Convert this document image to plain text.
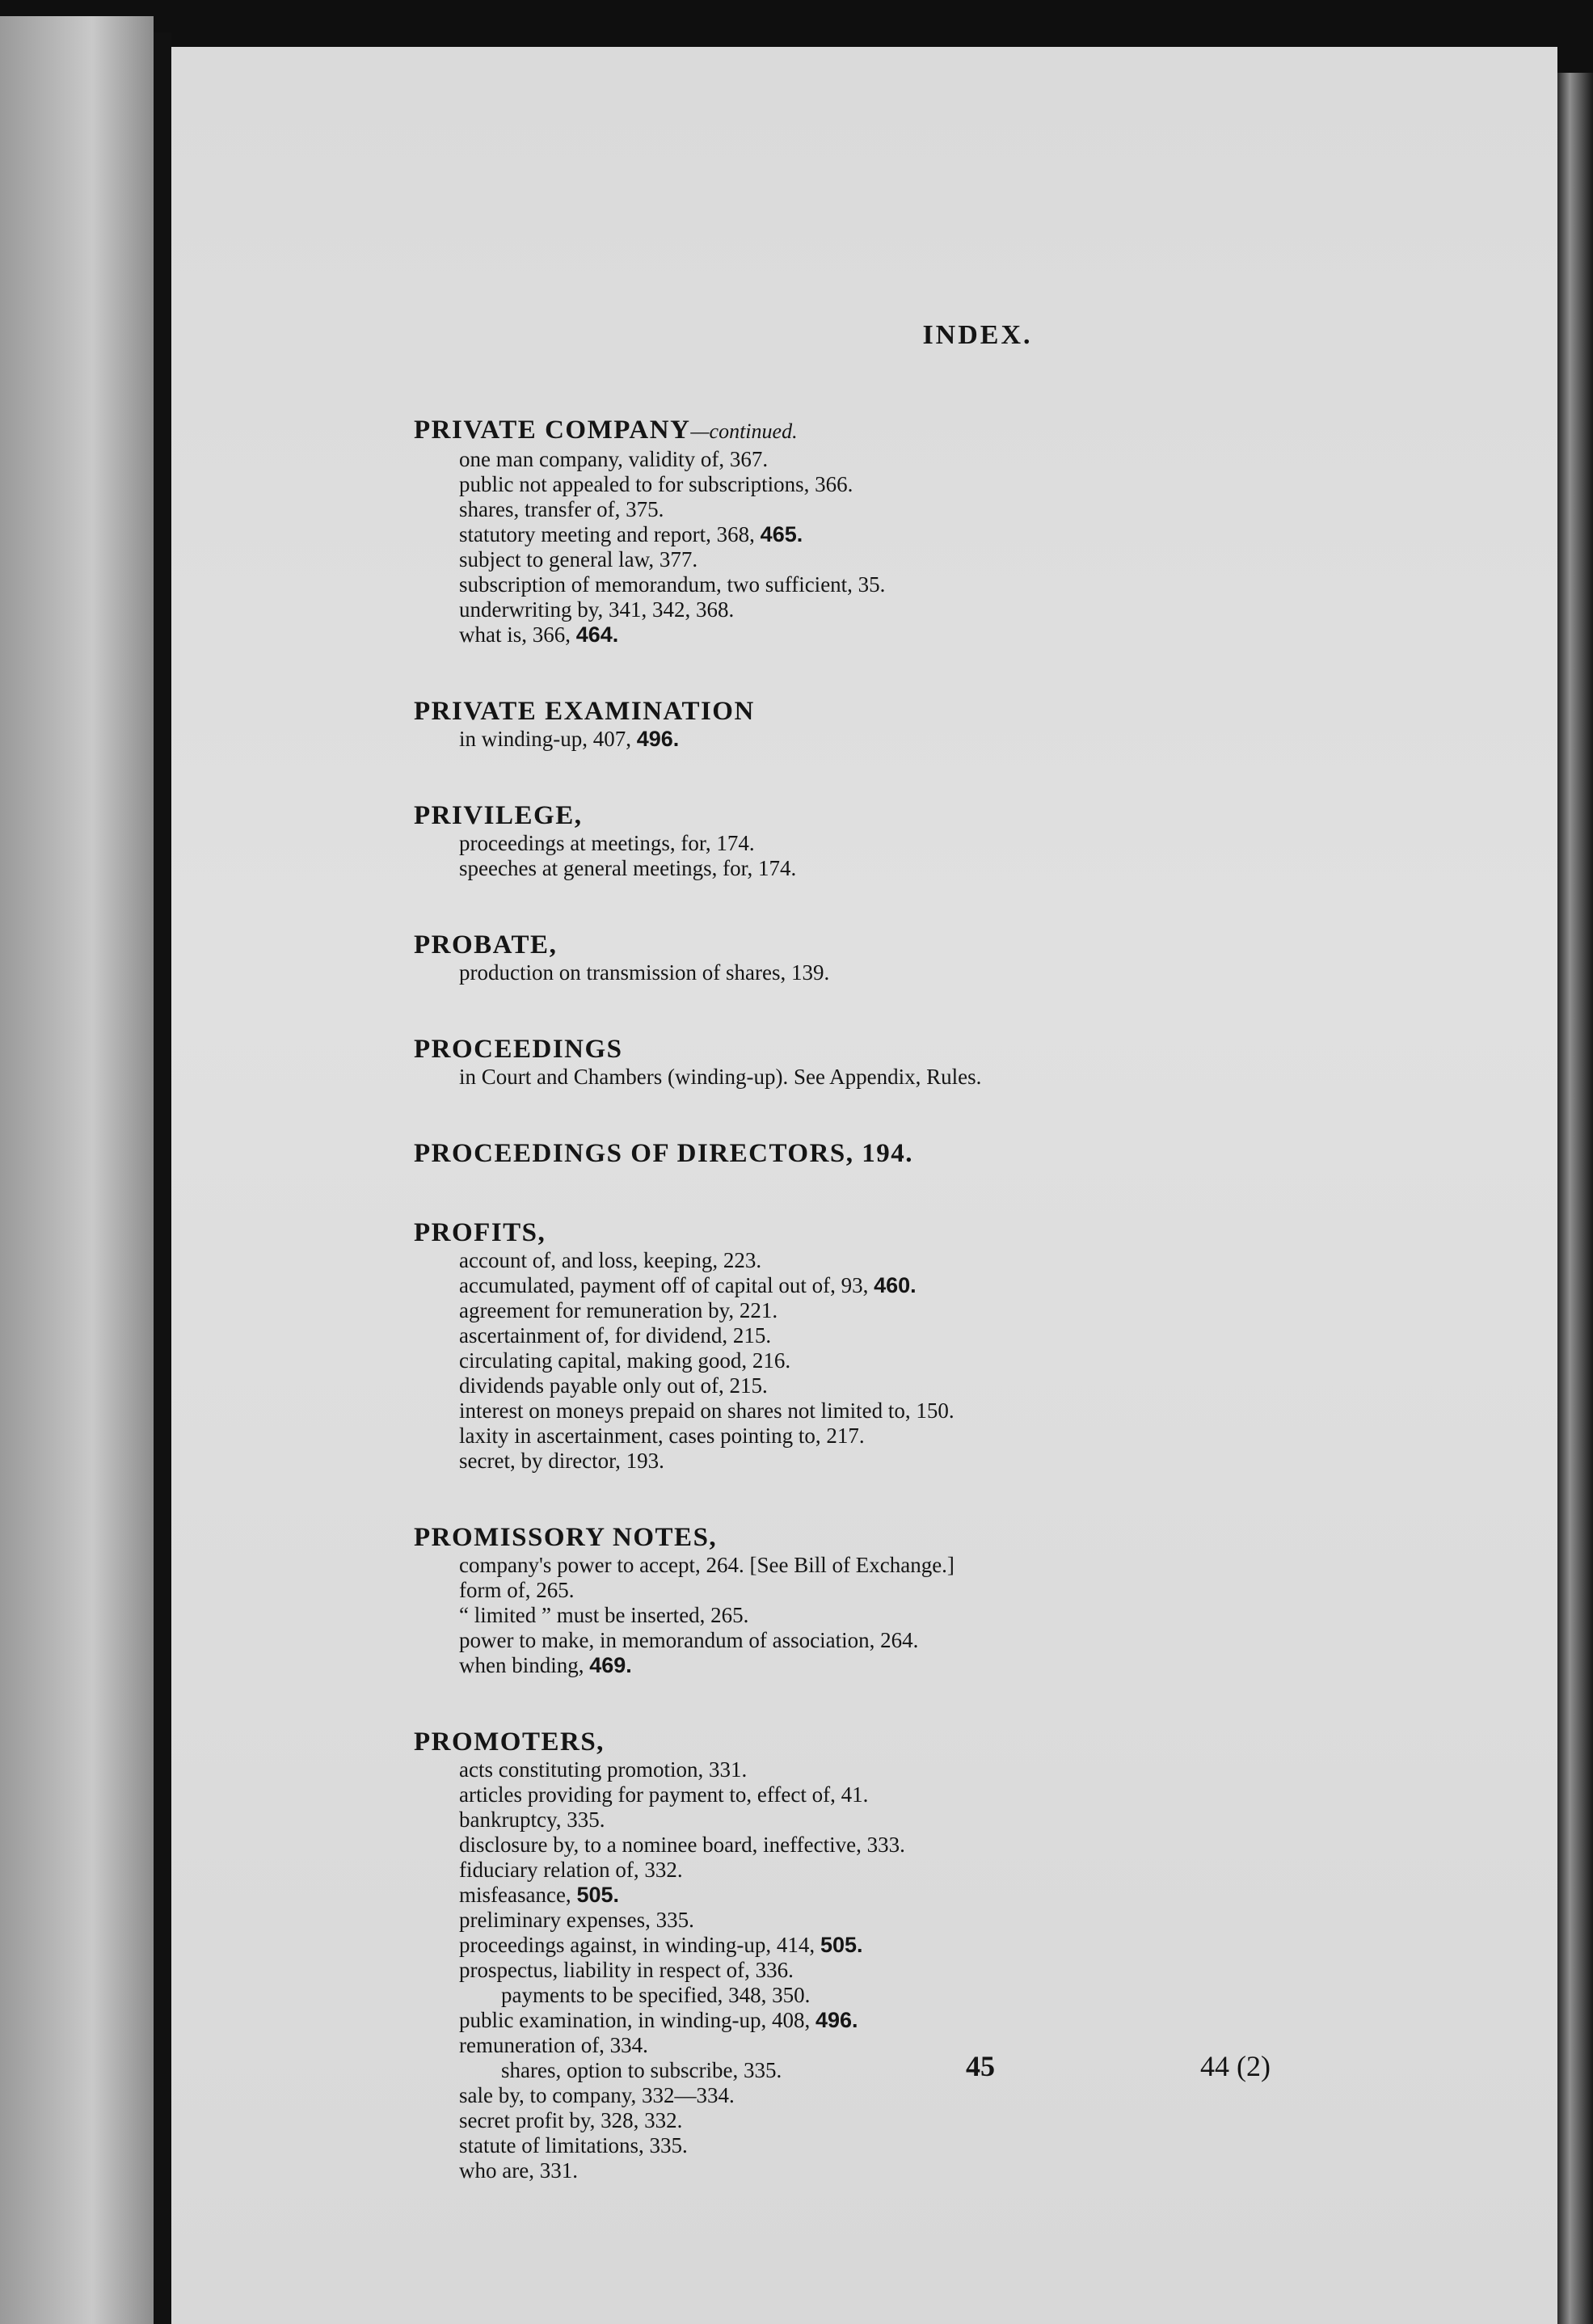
INDEX.
PRIVATE COMPANY—continued.
one man company, validity of, 367.
public not appealed to for subscriptions, 366.
shares, transfer of, 375.
statutory meeting and report, 368, 465.
subject to general law, 377.
subscription of memorandum, two sufficient, 35.
underwriting by, 341, 342, 368.
what is, 366, 464.
PRIVATE EXAMINATION
in winding-up, 407, 496.
PRIVILEGE,
proceedings at meetings, for, 174.
speeches at general meetings, for, 174.
PROBATE,
production on transmission of shares, 139.
PROCEEDINGS
in Court and Chambers (winding-up). See Appendix, Rules.
PROCEEDINGS OF DIRECTORS, 194.
PROFITS,
account of, and loss, keeping, 223.
accumulated, payment off of capital out of, 93, 460.
agreement for remuneration by, 221.
ascertainment of, for dividend, 215.
circulating capital, making good, 216.
dividends payable only out of, 215.
interest on moneys prepaid on shares not limited to, 150.
laxity in ascertainment, cases pointing to, 217.
secret, by director, 193.
PROMISSORY NOTES,
company's power to accept, 264. [See Bill of Exchange.]
form of, 265.
“ limited ” must be inserted, 265.
power to make, in memorandum of association, 264.
when binding, 469.
PROMOTERS,
acts constituting promotion, 331.
articles providing for payment to, effect of, 41.
bankruptcy, 335.
disclosure by, to a nominee board, ineffective, 333.
fiduciary relation of, 332.
misfeasance, 505.
preliminary expenses, 335.
proceedings against, in winding-up, 414, 505.
prospectus, liability in respect of, 336.
payments to be specified, 348, 350.
public examination, in winding-up, 408, 496.
remuneration of, 334.
shares, option to subscribe, 335.
sale by, to company, 332—334.
secret profit by, 328, 332.
statute of limitations, 335.
who are, 331.
45	44 (2)
